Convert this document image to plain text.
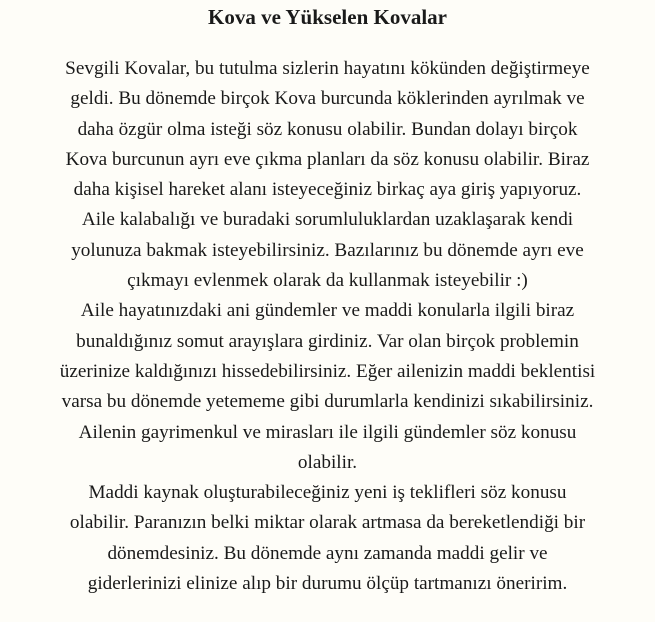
Kova ve Yükselen Kovalar

Sevgili Kovalar, bu tutulma sizlerin hayatını kökünden değiştirmeye
geldi. Bu dönemde birçok Kova burcunda köklerinden ayrılmak ve
daha özgür olma isteği söz konusu olabilir. Bundan dolayı birçok
Kova burcunun ayrı eve çıkma planları da söz konusu olabilir. Biraz
daha kişisel hareket alanı isteyeceğiniz birkaç aya giriş yapıyoruz.
Aile kalabalığı ve buradaki sorumluluklardan uzaklaşarak kendi
yolunuza bakmak isteyebilirsiniz. Bazılarınız bu dönemde ayrı eve
çıkmayı evlenmek olarak da kullanmak isteyebilir :)
Aile hayatınızdaki ani gündemler ve maddi konularla ilgili biraz
bunaldığınız somut arayışlara girdiniz. Var olan birçok problemin
üzerinize kaldığınızı hissedebilirsiniz. Eğer ailenizin maddi beklentisi
varsa bu dönemde yetememe gibi durumlarla kendinizi sıkabilirsiniz.
Ailenin gayrimenkul ve mirasları ile ilgili gündemler söz konusu
olabilir.
Maddi kaynak oluşturabileceğiniz yeni iş teklifleri söz konusu
olabilir. Paranızın belki miktar olarak artmasa da bereketlendiği bir
dönemdesiniz. Bu dönemde aynı zamanda maddi gelir ve
giderlerinizi elinize alıp bir durumu ölçüp tartmanızı öneririm.
